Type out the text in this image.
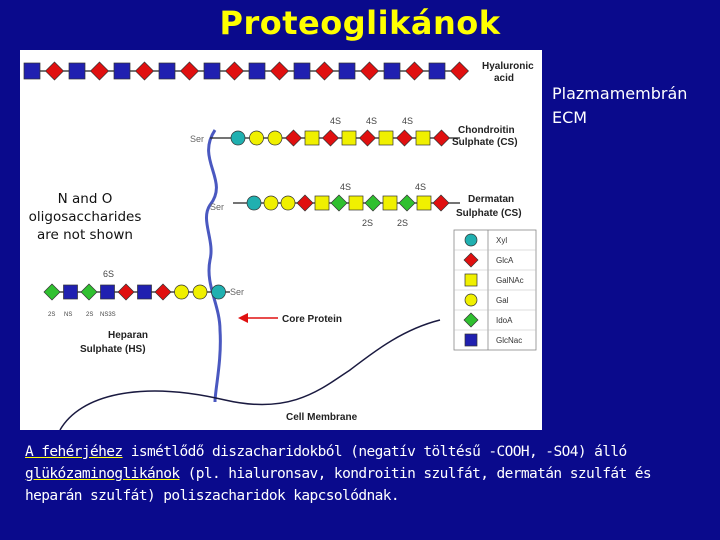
Proteoglikánok
Hyaluronic
acid
Ser
4S	4S	4S
Chondroitin
Sulphate (CS)
Ser
4S	4S
2S	2S
Dermatan
Sulphate (CS)
Ser
6S
2S NS 2S NS3S
Heparan
Sulphate (HS)
Core Protein
Cell Membrane
Xyl
GlcA
GalNAc
Gal
IdoA
GlcNac
Plazmamembrán
ECM
N and O
oligosaccharides
are not shown
A fehérjéhez ismétlődő diszacharidokból (negatív töltésű -COOH, -SO4) álló glükózaminoglikánok (pl. hialuronsav, kondroitin szulfát, dermatán szulfát és heparán szulfát) poliszacharidok kapcsolódnak.
